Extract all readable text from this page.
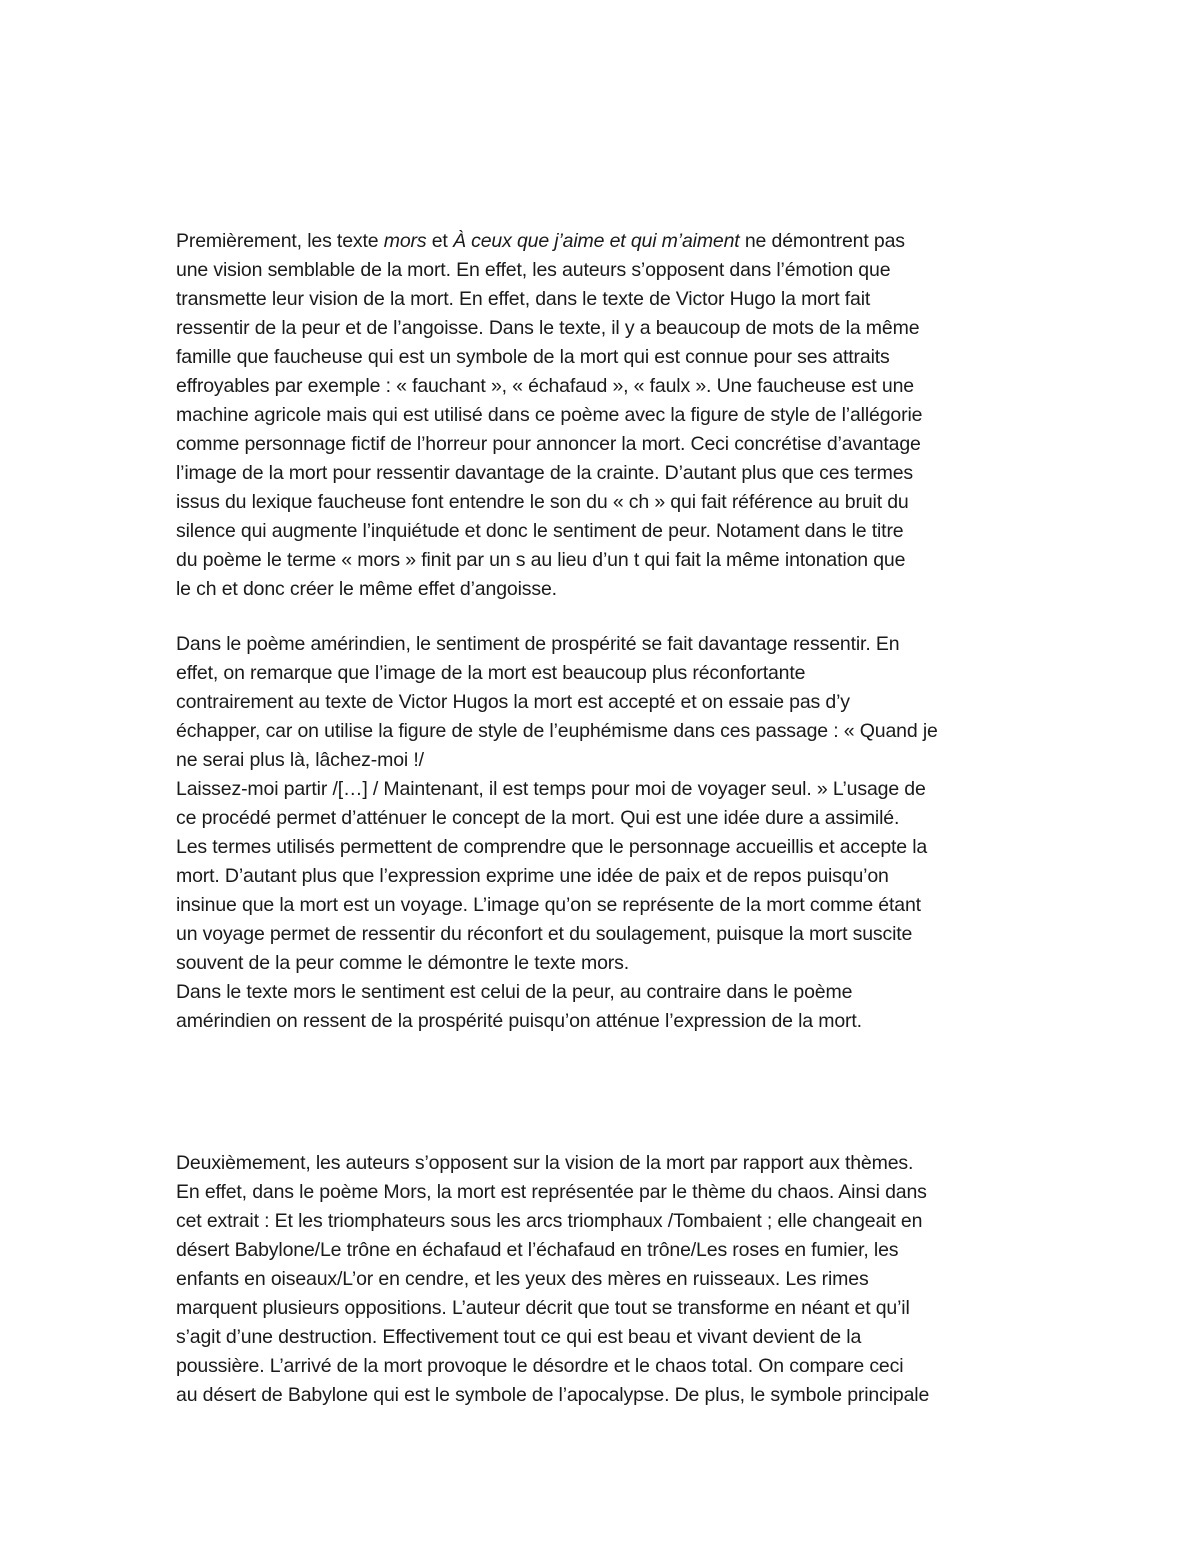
Premièrement, les texte mors et À ceux que j’aime et qui m’aiment ne démontrent pas
une vision semblable de la mort. En effet, les auteurs s’opposent dans l’émotion que
transmette leur vision de la mort. En effet, dans le texte de Victor Hugo la mort fait
ressentir de la peur et de l’angoisse. Dans le texte, il y a beaucoup de mots de la même
famille que faucheuse qui est un symbole de la mort qui est connue pour ses attraits
effroyables par exemple : « fauchant », « échafaud », « faulx ». Une faucheuse est une
machine agricole mais qui est utilisé dans ce poème avec la figure de style de l’allégorie
comme personnage fictif de l’horreur pour annoncer la mort. Ceci concrétise d’avantage
l’image de la mort pour ressentir davantage de la crainte. D’autant plus que ces termes
issus du lexique faucheuse font entendre le son du « ch » qui fait référence au bruit du
silence qui augmente l’inquiétude et donc le sentiment de peur. Notament dans le titre
du poème le terme « mors » finit par un s au lieu d’un t qui fait la même intonation que
le ch et donc créer le même effet d’angoisse.
Dans le poème amérindien, le sentiment de prospérité se fait davantage ressentir. En
effet, on remarque que l’image de la mort est beaucoup plus réconfortante
contrairement au texte de Victor Hugos la mort est accepté et on essaie pas d’y
échapper, car on utilise la figure de style de l’euphémisme dans ces passage : « Quand je
ne serai plus là, lâchez-moi !/
Laissez-moi partir /[…] / Maintenant, il est temps pour moi de voyager seul. » L’usage de
ce procédé permet d’atténuer le concept de la mort. Qui est une idée dure a assimilé.
Les termes utilisés permettent de comprendre que le personnage accueillis et accepte la
mort. D’autant plus que l’expression exprime une idée de paix et de repos puisqu’on
insinue que la mort est un voyage. L’image qu’on se représente de la mort comme étant
un voyage permet de ressentir du réconfort et du soulagement, puisque la mort suscite
souvent de la peur comme le démontre le texte mors.
Dans le texte mors le sentiment est celui de la peur, au contraire dans le poème
amérindien on ressent de la prospérité puisqu’on atténue l’expression de la mort.
Deuxièmement, les auteurs s’opposent sur la vision de la mort par rapport aux thèmes.
En effet, dans le poème Mors, la mort est représentée par le thème du chaos. Ainsi dans
cet extrait : Et les triomphateurs sous les arcs triomphaux /Tombaient ; elle changeait en
désert Babylone/Le trône en échafaud et l’échafaud en trône/Les roses en fumier, les
enfants en oiseaux/L’or en cendre, et les yeux des mères en ruisseaux. Les rimes
marquent plusieurs oppositions. L’auteur décrit que tout se transforme en néant et qu’il
s’agit d’une destruction. Effectivement tout ce qui est beau et vivant devient de la
poussière. L’arrivé de la mort provoque le désordre et le chaos total. On compare ceci
au désert de Babylone qui est le symbole de l’apocalypse. De plus, le symbole principale
